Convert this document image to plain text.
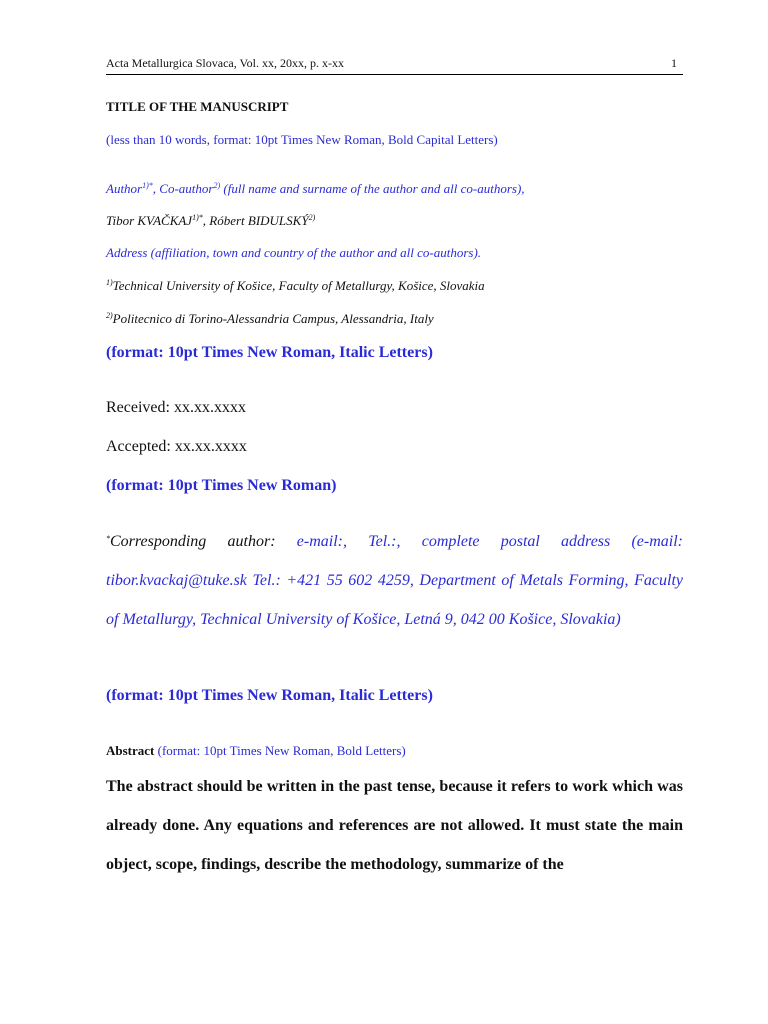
Acta Metallurgica Slovaca, Vol. xx, 20xx, p. x-xx	1
TITLE OF THE MANUSCRIPT
(less than 10 words, format: 10pt Times New Roman, Bold Capital Letters)
Author$^{1)*}$, Co-author$^{2)}$ (full name and surname of the author and all co-authors),
Tibor $KVAČKAJ^{1)*}$, Róbert BIDULSKÝ$^{2)}$
Address (affiliation, town and country of the author and all co-authors).
$^{1)}$Technical University of Košice, Faculty of Metallurgy, Košice, Slovakia
$^{2)}$Politecnico di Torino-Alessandria Campus, Alessandria, Italy
(format: 10pt Times New Roman, Italic Letters)
Received: xx.xx.xxxx
Accepted: xx.xx.xxxx
(format: 10pt Times New Roman)
*Corresponding author: e-mail:, Tel.:, complete postal address (e-mail: tibor.kvackaj@tuke.sk Tel.: +421 55 602 4259, Department of Metals Forming, Faculty of Metallurgy, Technical University of Košice, Letná 9, 042 00 Košice, Slovakia)
(format: 10pt Times New Roman, Italic Letters)
Abstract (format: 10pt Times New Roman, Bold Letters)
The abstract should be written in the past tense, because it refers to work which was already done. Any equations and references are not allowed. It must state the main object, scope, findings, describe the methodology, summarize of the
